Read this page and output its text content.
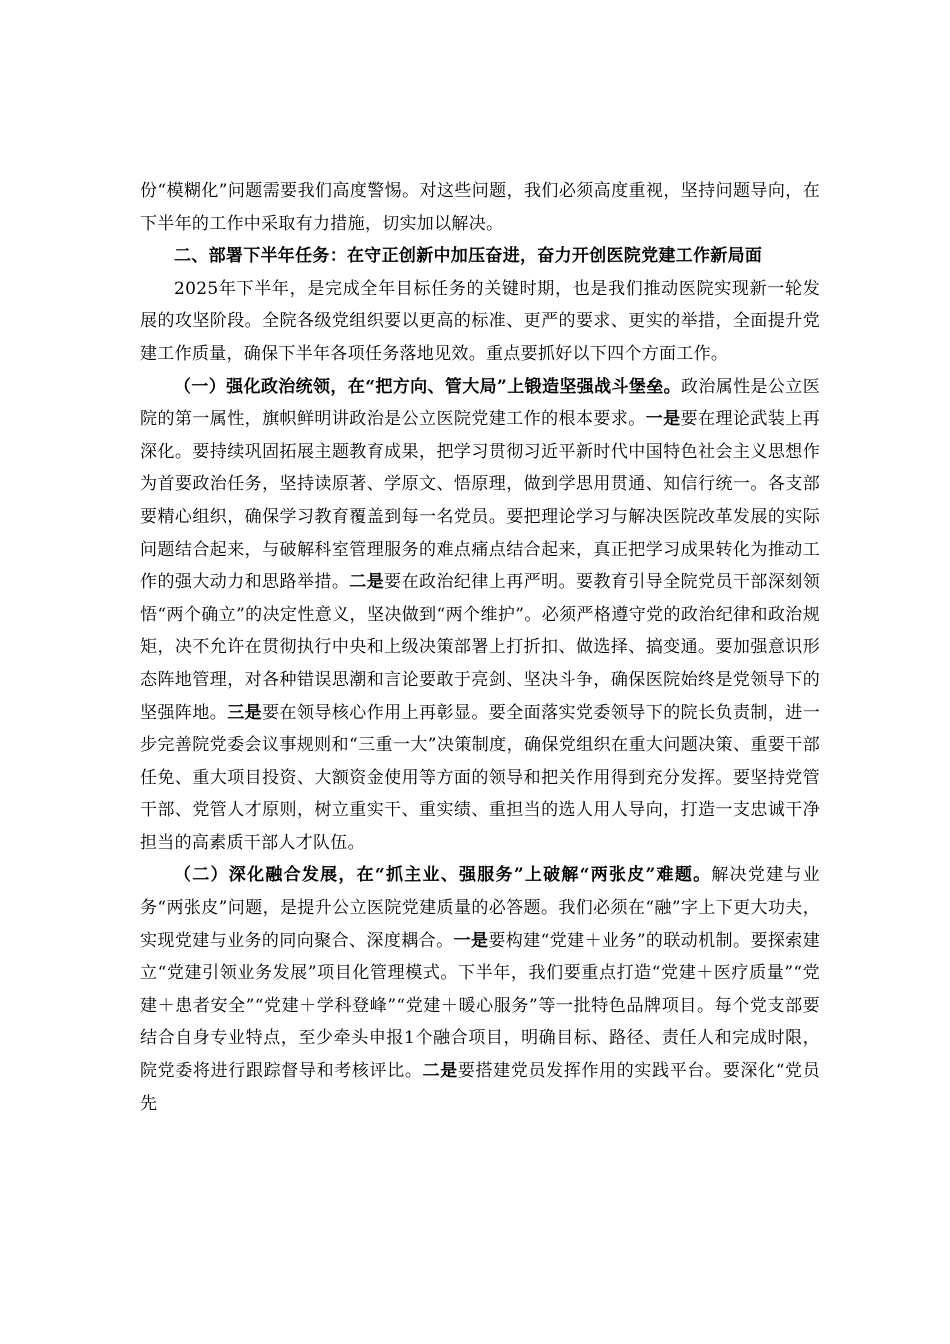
份“模糊化”问题需要我们高度警惕。对这些问题，我们必须高度重视，坚持问题导向，在下半年的工作中采取有力措施，切实加以解决。

二、部署下半年任务：在守正创新中加压奋进，奋力开创医院党建工作新局面

2025年下半年，是完成全年目标任务的关键时期，也是我们推动医院实现新一轮发展的攻坚阶段。全院各级党组织要以更高的标准、更严的要求、更实的举措，全面提升党建工作质量，确保下半年各项任务落地见效。重点要抓好以下四个方面工作。

（一）强化政治统领，在“把方向、管大局”上锻造坚强战斗堡垒。政治属性是公立医院的第一属性，旗帜鲜明讲政治是公立医院党建工作的根本要求。一是要在理论武装上再深化。要持续巩固拓展主题教育成果，把学习贯彻习近平新时代中国特色社会主义思想作为首要政治任务，坚持读原著、学原文、悟原理，做到学思用贯通、知信行统一。各支部要精心组织，确保学习教育覆盖到每一名党员。要把理论学习与解决医院改革发展的实际问题结合起来，与破解科室管理服务的难点痛点结合起来，真正把学习成果转化为推动工作的强大动力和思路举措。二是要在政治纪律上再严明。要教育引导全院党员干部深刻领悟“两个确立”的决定性意义，坚决做到“两个维护”。必须严格遵守党的政治纪律和政治规矩，决不允许在贯彻执行中央和上级决策部署上打折扣、做选择、搞变通。要加强意识形态阵地管理，对各种错误思潮和言论要敢于亮剑、坚决斗争，确保医院始终是党领导下的坚强阵地。三是要在领导核心作用上再彰显。要全面落实党委领导下的院长负责制，进一步完善院党委会议事规则和“三重一大”决策制度，确保党组织在重大问题决策、重要干部任免、重大项目投资、大额资金使用等方面的领导和把关作用得到充分发挥。要坚持党管干部、党管人才原则，树立重实干、重实绩、重担当的选人用人导向，打造一支忠诚干净担当的高素质干部人才队伍。

（二）深化融合发展，在“抓主业、强服务”上破解“两张皮”难题。解决党建与业务“两张皮”问题，是提升公立医院党建质量的必答题。我们必须在“融”字上下更大功夫，实现党建与业务的同向聚合、深度耦合。一是要构建“党建＋业务”的联动机制。要探索建立“党建引领业务发展”项目化管理模式。下半年，我们要重点打造“党建＋医疗质量”“党建＋患者安全”“党建＋学科登峰”“党建＋暖心服务”等一批特色品牌项目。每个党支部要结合自身专业特点，至少牵头申报1个融合项目，明确目标、路径、责任人和完成时限，院党委将进行跟踪督导和考核评比。二是要搭建党员发挥作用的实践平台。要深化“党员先
